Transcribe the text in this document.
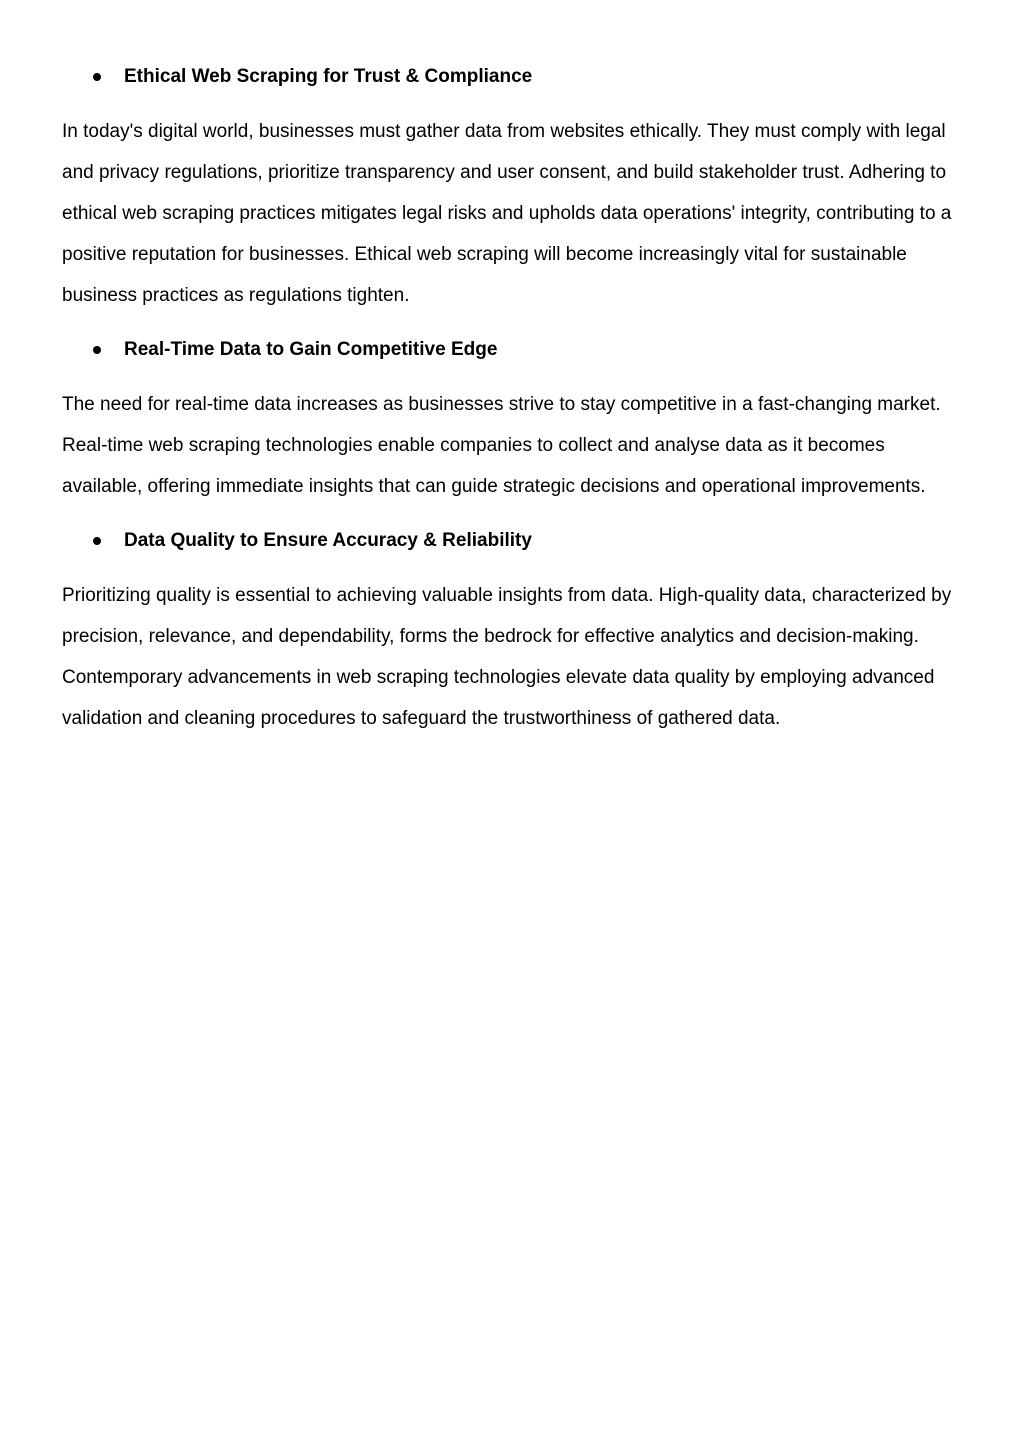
Ethical Web Scraping for Trust & Compliance

In today's digital world, businesses must gather data from websites ethically. They must comply with legal and privacy regulations, prioritize transparency and user consent, and build stakeholder trust. Adhering to ethical web scraping practices mitigates legal risks and upholds data operations' integrity, contributing to a positive reputation for businesses. Ethical web scraping will become increasingly vital for sustainable business practices as regulations tighten.

Real-Time Data to Gain Competitive Edge

The need for real-time data increases as businesses strive to stay competitive in a fast-changing market. Real-time web scraping technologies enable companies to collect and analyse data as it becomes available, offering immediate insights that can guide strategic decisions and operational improvements.

Data Quality to Ensure Accuracy & Reliability

Prioritizing quality is essential to achieving valuable insights from data. High-quality data, characterized by precision, relevance, and dependability, forms the bedrock for effective analytics and decision-making. Contemporary advancements in web scraping technologies elevate data quality by employing advanced validation and cleaning procedures to safeguard the trustworthiness of gathered data.
